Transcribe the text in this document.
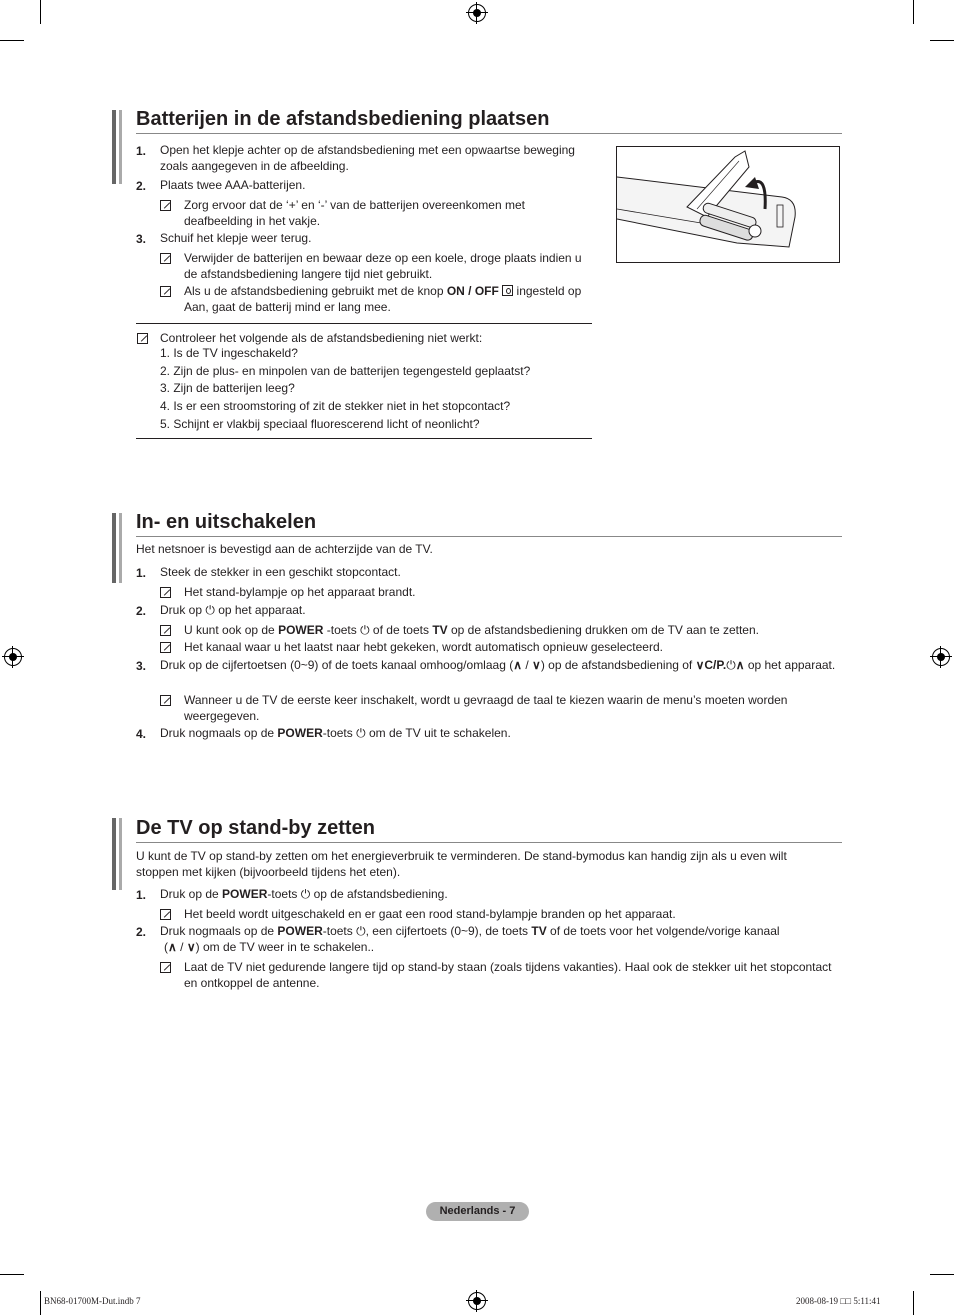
Batterijen in de afstandsbediening plaatsen
1. Open het klepje achter op de afstandsbediening met een opwaartse beweging zoals aangegeven in de afbeelding.
2. Plaats twee AAA-batterijen.
Zorg ervoor dat de ‘+’ en ‘-’ van de batterijen overeenkomen met deafbeelding in het vakje.
3. Schuif het klepje weer terug.
Verwijder de batterijen en bewaar deze op een koele, droge plaats indien u de afstandsbediening langere tijd niet gebruikt.
Als u de afstandsbediening gebruikt met de knop ON / OFF
ingesteld op Aan, gaat de batterij mind er lang mee.
Controleer het volgende als de afstandsbediening niet werkt:
1. Is de TV ingeschakeld?
2. Zijn de plus- en minpolen van de batterijen tegengesteld geplaatst?
3. Zijn de batterijen leeg?
4. Is er een stroomstoring of zit de stekker niet in het stopcontact?
5. Schijnt er vlakbij speciaal fluorescerend licht of neonlicht?
In- en uitschakelen
Het netsnoer is bevestigd aan de achterzijde van de TV.
1. Steek de stekker in een geschikt stopcontact.
Het stand-bylampje op het apparaat brandt.
2. Druk op ⏻ op het apparaat.
U kunt ook op de POWER -toets ⏻ of de toets TV op de afstandsbediening drukken om de TV aan te zetten.
Het kanaal waar u het laatst naar hebt gekeken, wordt automatisch opnieuw geselecteerd.
3. Druk op de cijfertoetsen (0~9) of de toets kanaal omhoog/omlaag (∧ / ∨) op de afstandsbediening of ∨C/P.⏻∧ op het apparaat.
Wanneer u de TV de eerste keer inschakelt, wordt u gevraagd de taal te kiezen waarin de menu’s moeten worden weergegeven.
4. Druk nogmaals op de POWER-toets ⏻ om de TV uit te schakelen.
De TV op stand-by zetten
U kunt de TV op stand-by zetten om het energieverbruik te verminderen. De stand-bymodus kan handig zijn als u even wilt stoppen met kijken (bijvoorbeeld tijdens het eten).
1. Druk op de POWER-toets ⏻ op de afstandsbediening.
Het beeld wordt uitgeschakeld en er gaat een rood stand-bylampje branden op het apparaat.
2. Druk nogmaals op de POWER-toets ⏻, een cijfertoets (0~9), de toets TV of de toets voor het volgende/vorige kanaal
(∧ / ∨) om de TV weer in te schakelen..
Laat de TV niet gedurende langere tijd op stand-by staan (zoals tijdens vakanties). Haal ook de stekker uit het stopcontact en ontkoppel de antenne.
Nederlands - 7
BN68-01700M-Dut.indb 7	2008-08-19 □□ 5:11:41
